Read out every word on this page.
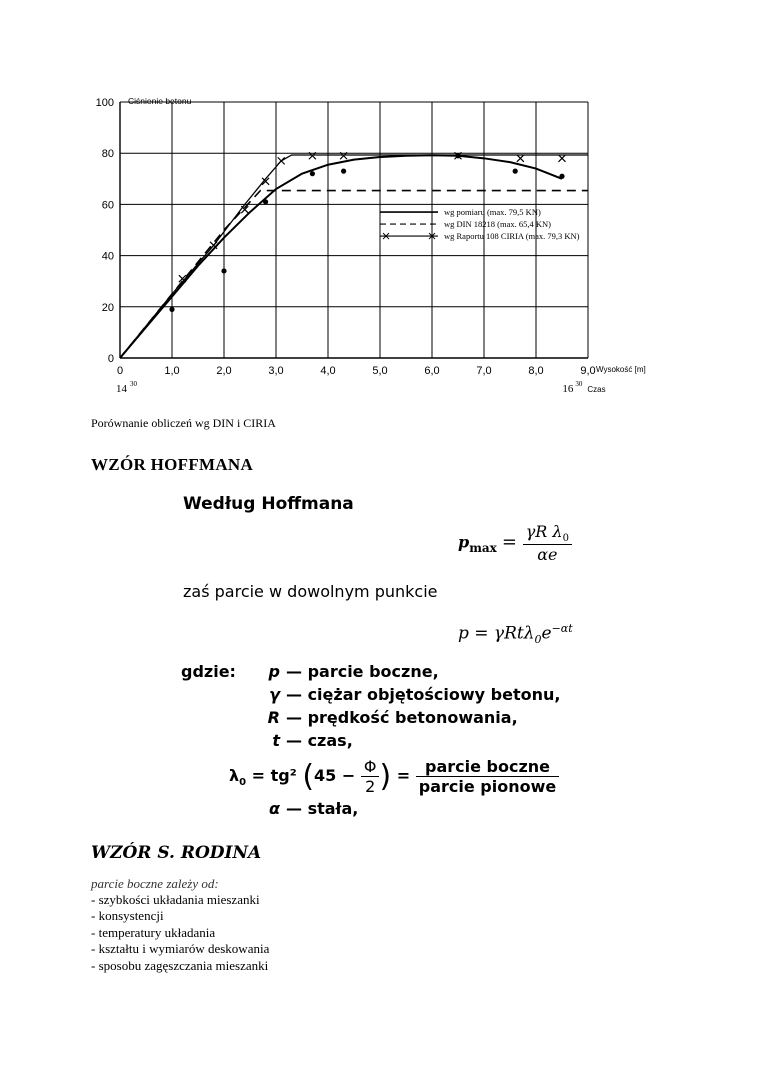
0
20
40
60
80
100
0	1,0	2,0	3,0	4,0	5,0	6,0	7,0	8,0	9,0
Ciśnienie betonu
Wysokość [m]
14 30	16 30
Czas
wg pomiaru (max. 79,5 KN)
wg DIN 18218 (max. 65,4 KN)
wg Raportu 108 CIRIA (max. 79,3 KN)
Porównanie obliczeń wg DIN i CIRIA
WZÓR HOFFMANA
Według Hoffmana
$p_{max} = \frac{\gamma R \lambda_0}{\alpha e}$
zaś parcie w dowolnym punkcie
$p = \gamma Rt\lambda_0e^{-\alpha t}$
gdzie:	p — parcie boczne,
γ — ciężar objętościowy betonu,
R — prędkość betonowania,
t — czas,
α — stała,
$\lambda_0 = tg^2$ ($45 - \frac{\Phi}{2}$ ) = $\frac{\text{parcie boczne}}{\text{parcie pionowe}}$
WZÓR S. RODINA
parcie boczne zależy od:
- szybkości układania mieszanki
- konsystencji
- temperatury układania
- kształtu i wymiarów deskowania
- sposobu zagęszczania mieszanki
